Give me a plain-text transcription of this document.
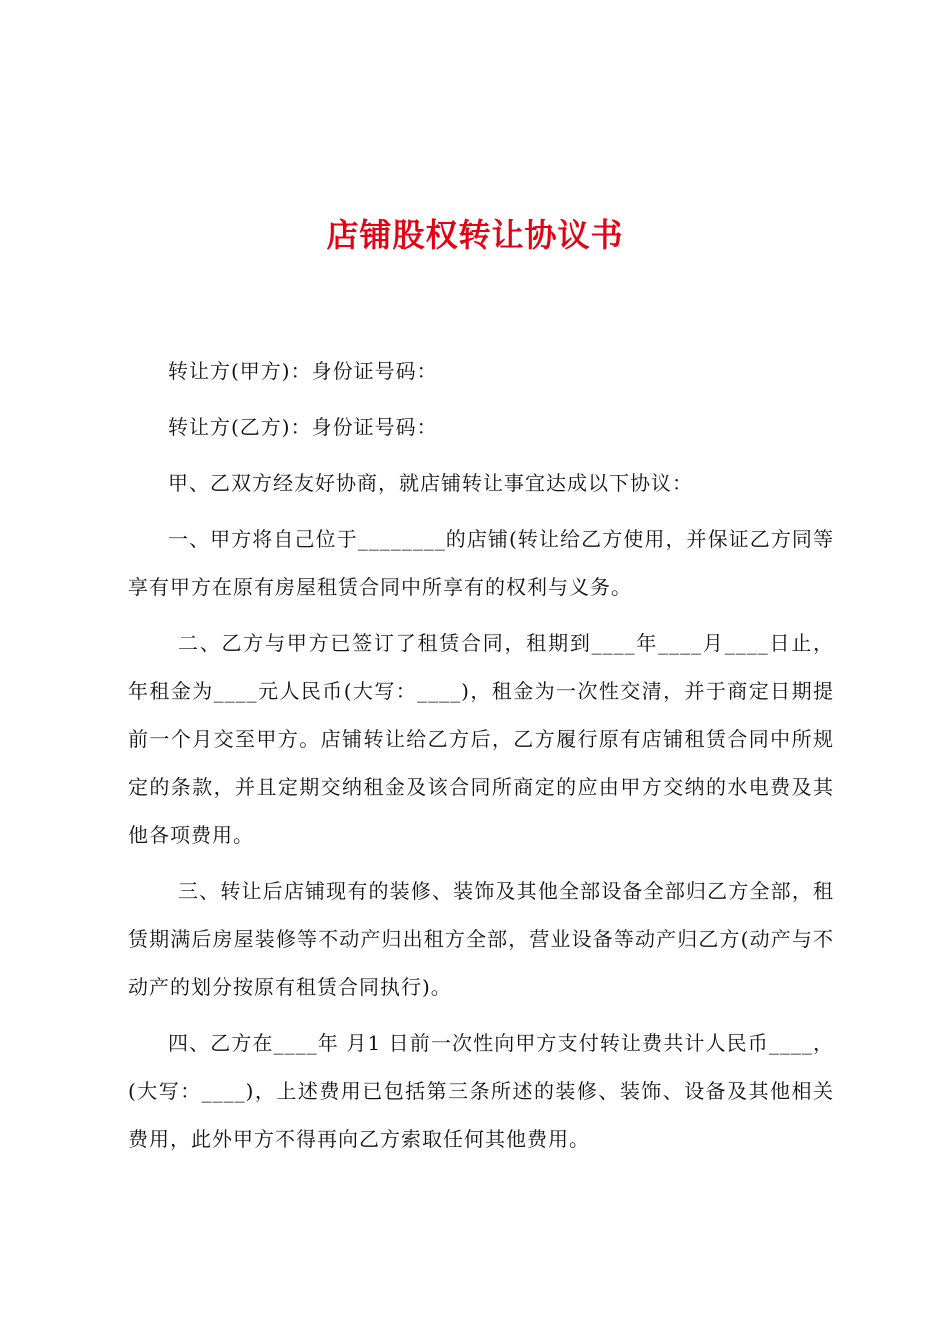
店铺股权转让协议书

转让方(甲方)：身份证号码：

转让方(乙方)：身份证号码：

甲、乙双方经友好协商，就店铺转让事宜达成以下协议：

一、甲方将自己位于________的店铺(转让给乙方使用，并保证乙方同等享有甲方在原有房屋租赁合同中所享有的权利与义务。

二、乙方与甲方已签订了租赁合同，租期到____年____月____日止，年租金为____元人民币(大写：____)，租金为一次性交清，并于商定日期提前一个月交至甲方。店铺转让给乙方后，乙方履行原有店铺租赁合同中所规定的条款，并且定期交纳租金及该合同所商定的应由甲方交纳的水电费及其他各项费用。

三、转让后店铺现有的装修、装饰及其他全部设备全部归乙方全部，租赁期满后房屋装修等不动产归出租方全部，营业设备等动产归乙方(动产与不动产的划分按原有租赁合同执行)。

四、乙方在____年 月1 日前一次性向甲方支付转让费共计人民币____，(大写：____)，上述费用已包括第三条所述的装修、装饰、设备及其他相关费用，此外甲方不得再向乙方索取任何其他费用。
